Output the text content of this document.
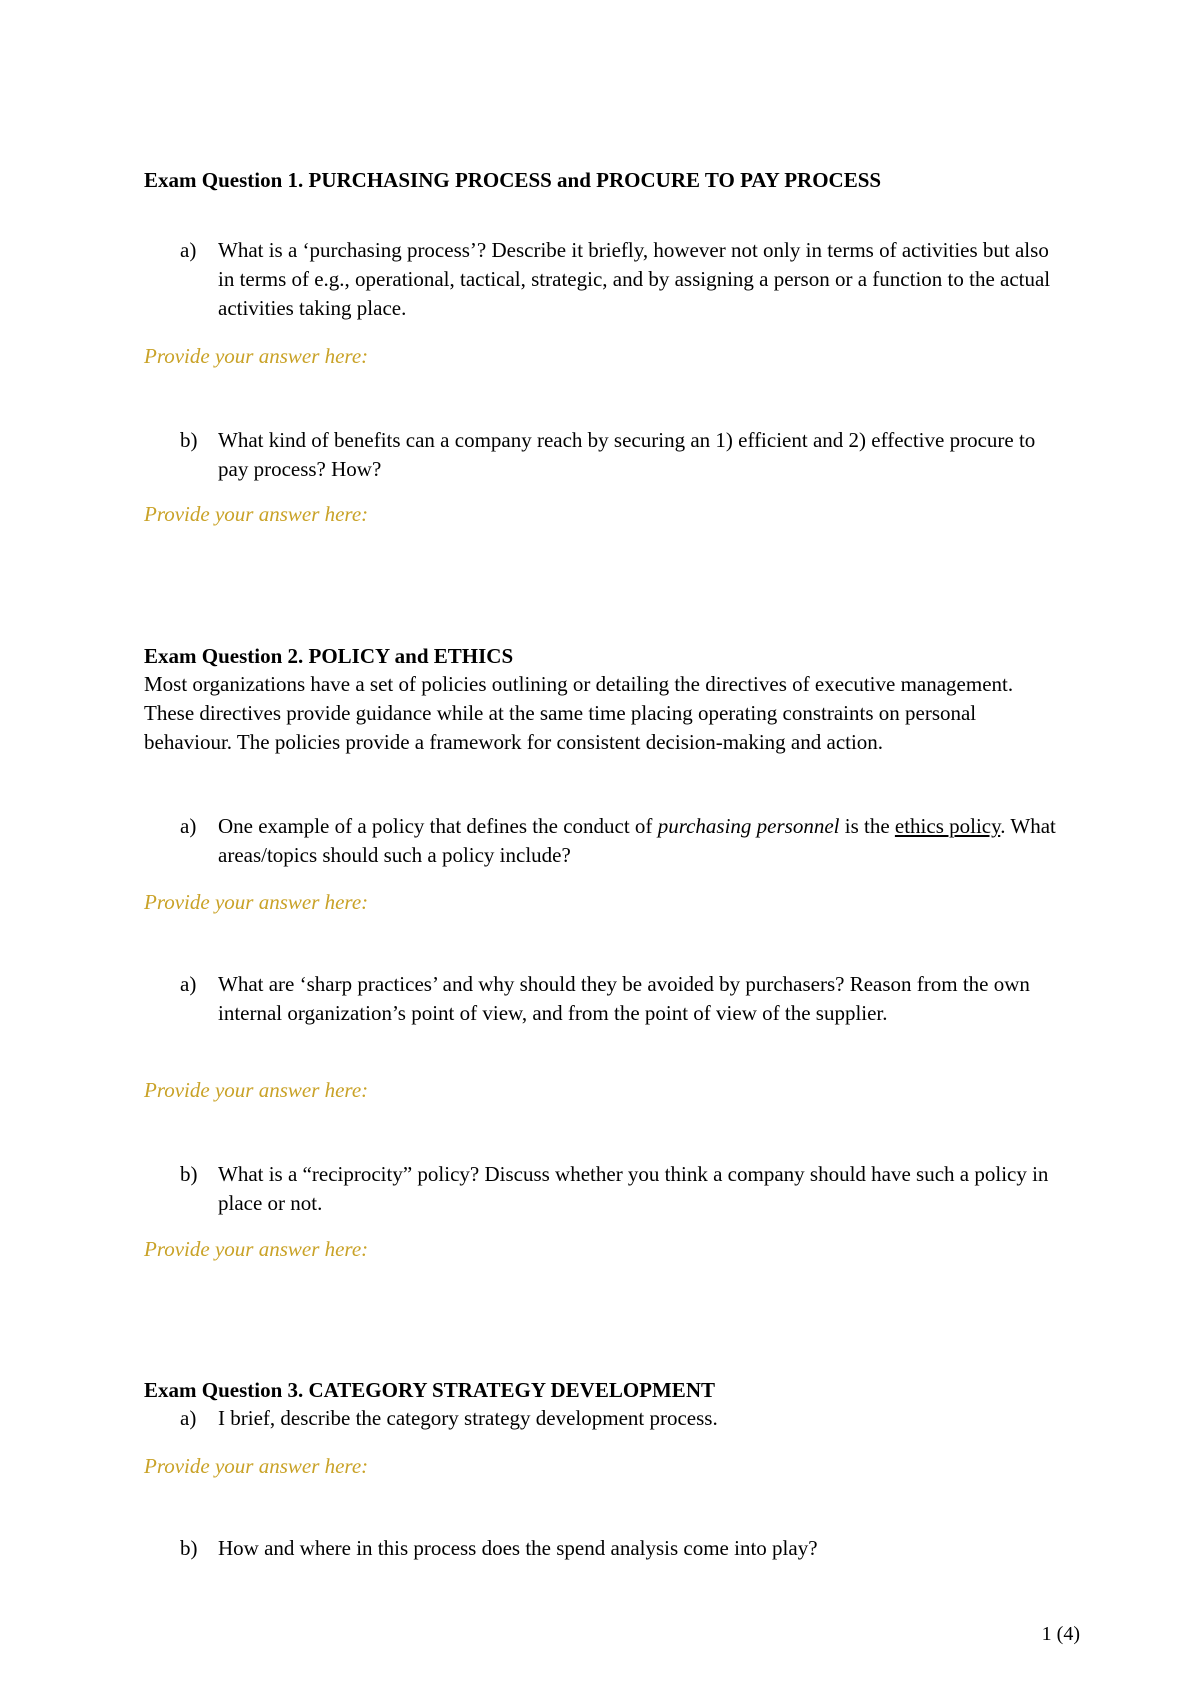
Exam Question 1. PURCHASING PROCESS and PROCURE TO PAY PROCESS
a)	What is a ‘purchasing process’? Describe it briefly, however not only in terms of activities but also in terms of e.g., operational, tactical, strategic, and by assigning a person or a function to the actual activities taking place.
Provide your answer here:
b) What kind of benefits can a company reach by securing an 1) efficient and 2) effective procure to pay process? How?
Provide your answer here:
Exam Question 2. POLICY and ETHICS
Most organizations have a set of policies outlining or detailing the directives of executive management. These directives provide guidance while at the same time placing operating constraints on personal behaviour. The policies provide a framework for consistent decision-making and action.
a)	One example of a policy that defines the conduct of purchasing personnel is the ethics policy. What areas/topics should such a policy include?
Provide your answer here:
a)	What are ‘sharp practices’ and why should they be avoided by purchasers? Reason from the own internal organization’s point of view, and from the point of view of the supplier.
Provide your answer here:
b) What is a “reciprocity” policy? Discuss whether you think a company should have such a policy in place or not.
Provide your answer here:
Exam Question 3. CATEGORY STRATEGY DEVELOPMENT
a)	I brief, describe the category strategy development process.
Provide your answer here:
b) How and where in this process does the spend analysis come into play?
1 (4)
